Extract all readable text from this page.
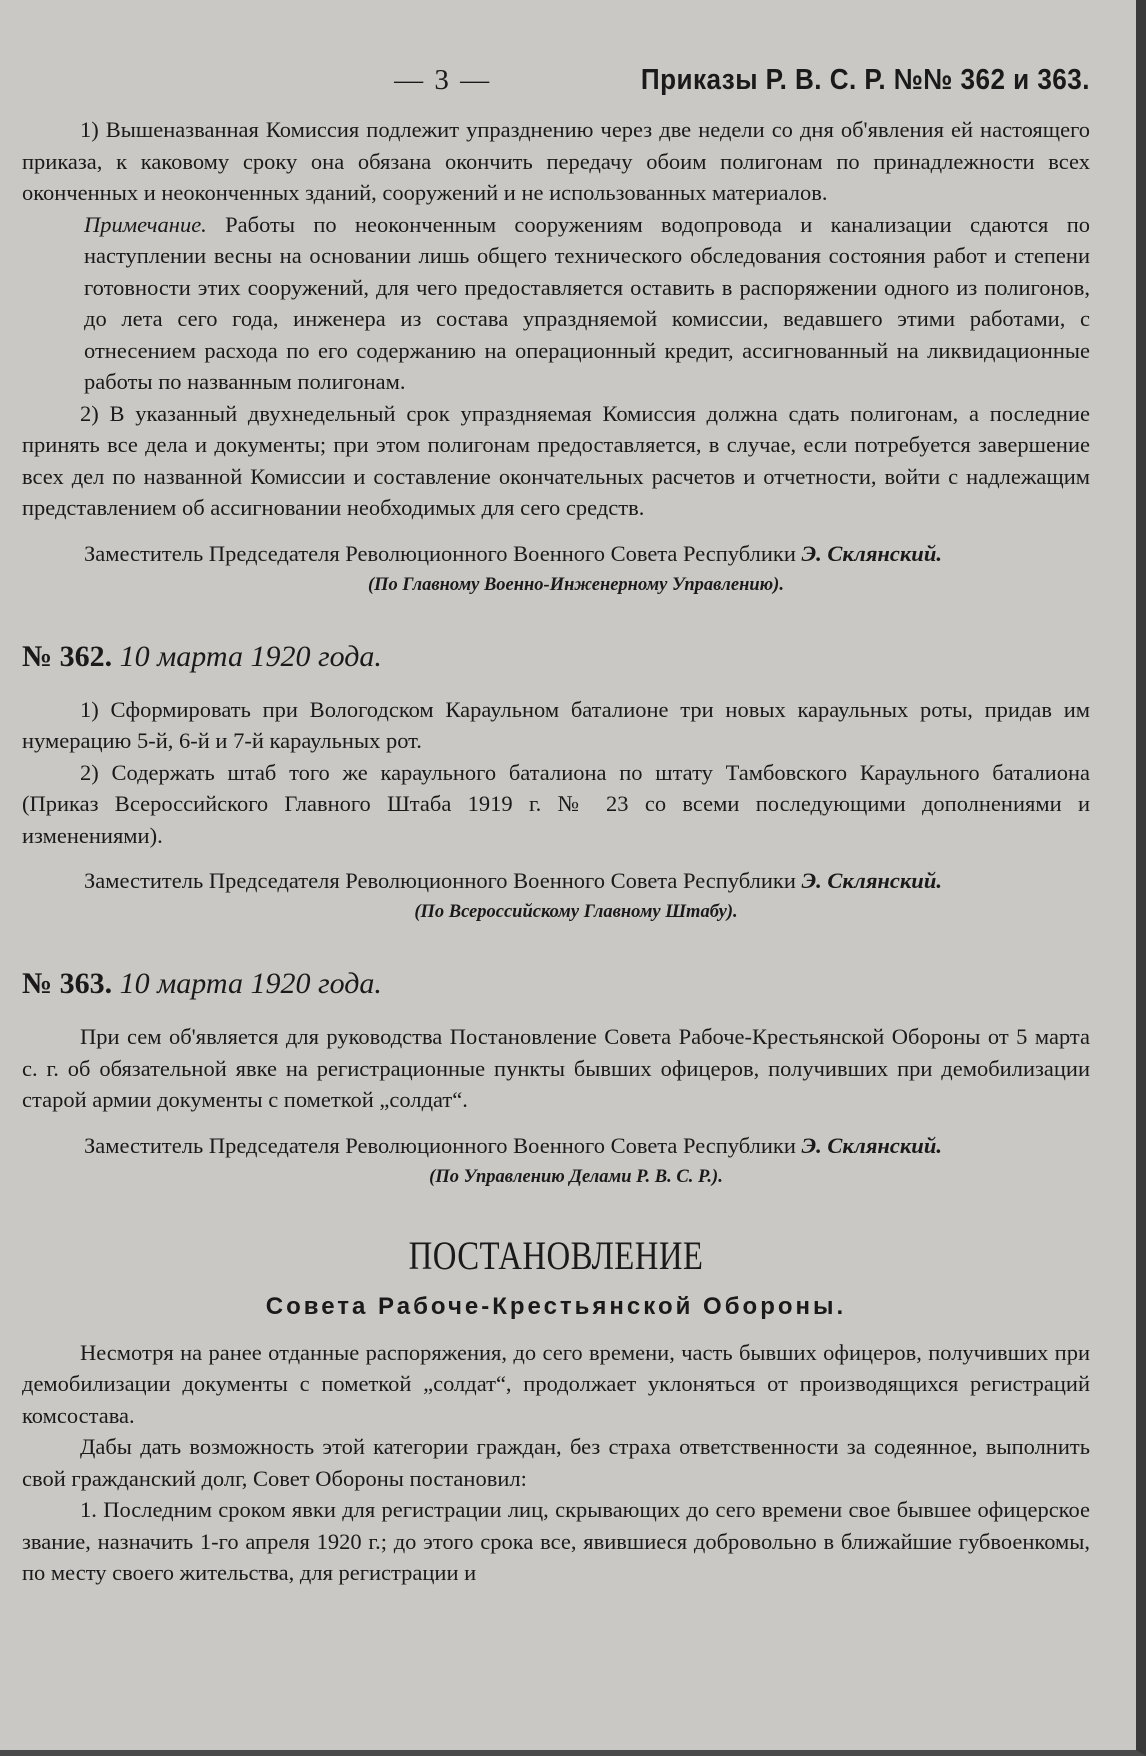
— 3 —	Приказы Р. В. С. Р. №№ 362 и 363.

1) Вышеназванная Комиссия подлежит упразднению через две недели со дня об'явления ей настоящего приказа, к каковому сроку она обязана окончить передачу обоим полигонам по принадлежности всех оконченных и неоконченных зданий, сооружений и не использованных материалов.

Примечание. Работы по неоконченным сооружениям водопровода и канализации сдаются по наступлении весны на основании лишь общего технического обследования состояния работ и степени готовности этих сооружений, для чего предоставляется оставить в распоряжении одного из полигонов, до лета сего года, инженера из состава упраздняемой комиссии, ведавшего этими работами, с отнесением расхода по его содержанию на операционный кредит, ассигнованный на ликвидационные работы по названным полигонам.

2) В указанный двухнедельный срок упраздняемая Комиссия должна сдать полигонам, а последние принять все дела и документы; при этом полигонам предоставляется, в случае, если потребуется завершение всех дел по названной Комиссии и составление окончательных расчетов и отчетности, войти с надлежащим представлением об ассигновании необходимых для сего средств.

Заместитель Председателя Революционного Военного Совета Республики Э. Склянский.

(По Главному Военно-Инженерному Управлению).

№ 362. 10 марта 1920 года.

1) Сформировать при Вологодском Караульном баталионе три новых караульных роты, придав им нумерацию 5-й, 6-й и 7-й караульных рот.

2) Содержать штаб того же караульного баталиона по штату Тамбовского Караульного баталиона (Приказ Всероссийского Главного Штаба 1919 г. № 23 со всеми последующими дополнениями и изменениями).

Заместитель Председателя Революционного Военного Совета Республики Э. Склянский.

(По Всероссийскому Главному Штабу).

№ 363. 10 марта 1920 года.

При сем об'является для руководства Постановление Совета Рабоче-Крестьянской Обороны от 5 марта с. г. об обязательной явке на регистрационные пункты бывших офицеров, получивших при демобилизации старой армии документы с пометкой „солдат“.

Заместитель Председателя Революционного Военного Совета Республики Э. Склянский.

(По Управлению Делами Р. В. С. Р.).

ПОСТАНОВЛЕНИЕ

Совета Рабоче-Крестьянской Обороны.

Несмотря на ранее отданные распоряжения, до сего времени, часть бывших офицеров, получивших при демобилизации документы с пометкой „солдат“, продолжает уклоняться от производящихся регистраций комсостава.

Дабы дать возможность этой категории граждан, без страха ответственности за содеянное, выполнить свой гражданский долг, Совет Обороны постановил:

1. Последним сроком явки для регистрации лиц, скрывающих до сего времени свое бывшее офицерское звание, назначить 1-го апреля 1920 г.; до этого срока все, явившиеся добровольно в ближайшие губвоенкомы, по месту своего жительства, для регистрации и
